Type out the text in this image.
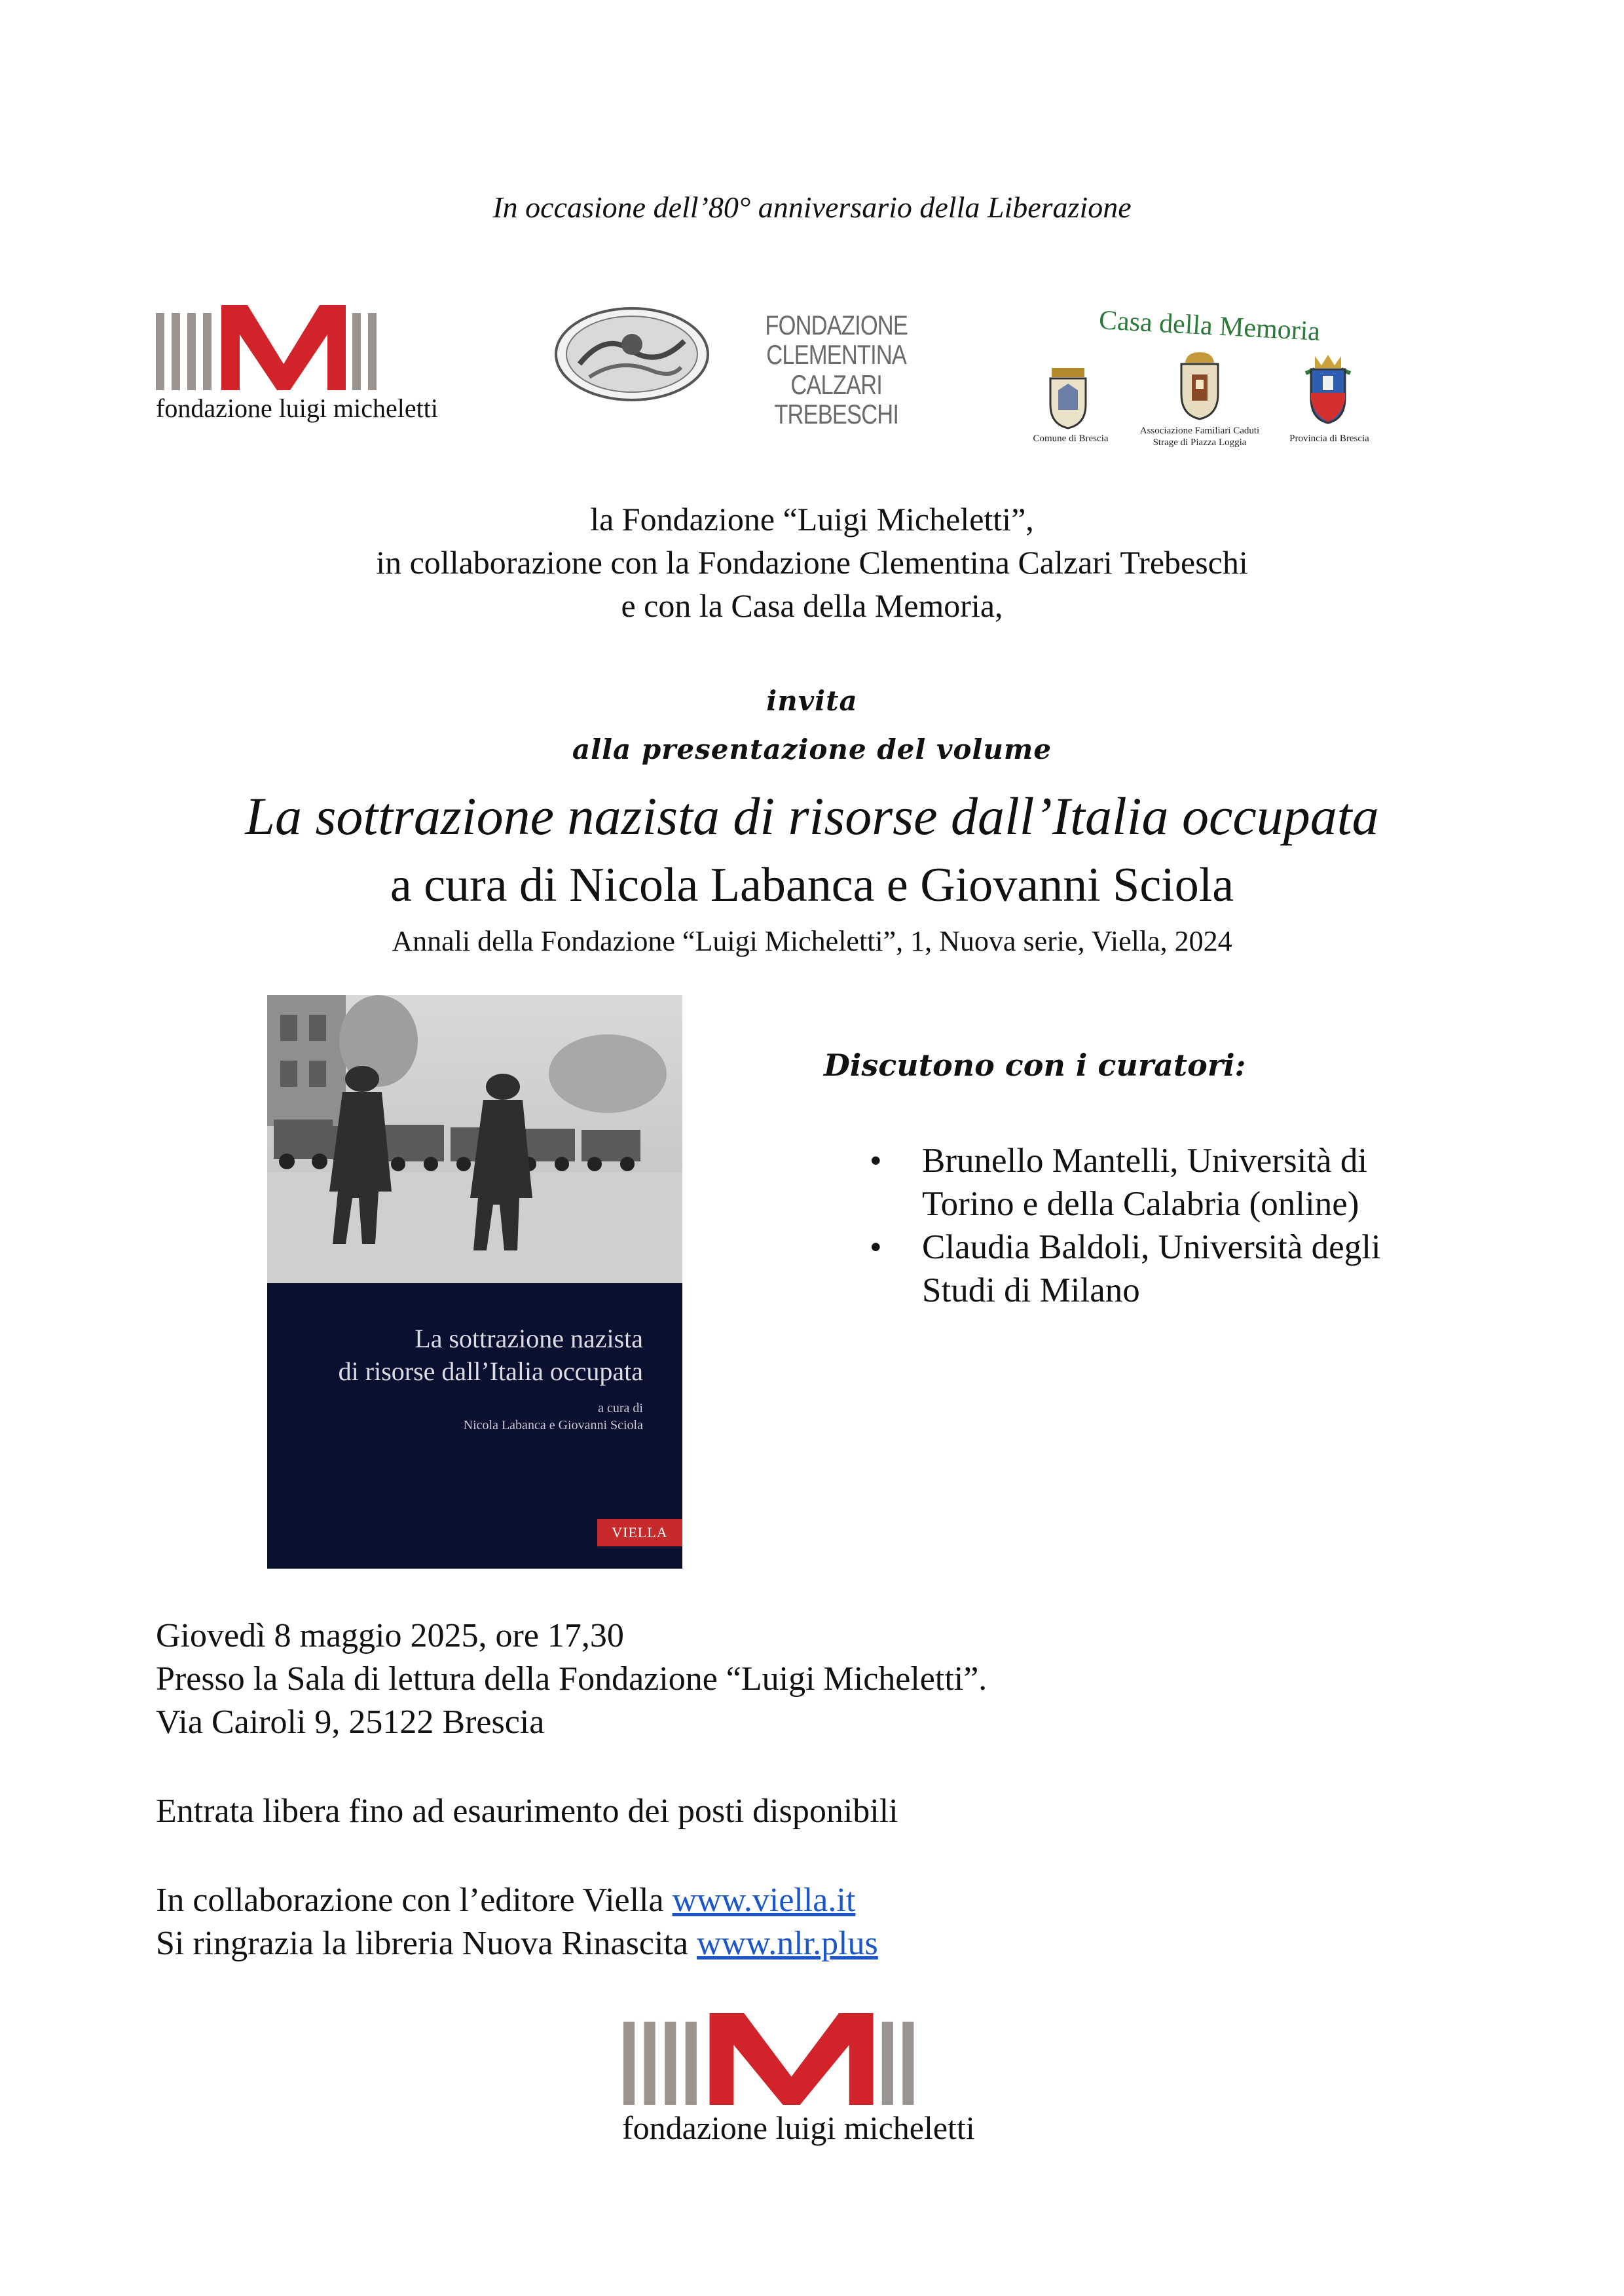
In occasione dell’80° anniversario della Liberazione
fondazione luigi micheletti
FONDAZIONE
CLEMENTINA CALZARI
TREBESCHI
Casa della Memoria
Comune di Brescia
Associazione Familiari Caduti
Strage di Piazza Loggia	Provincia di Brescia
la Fondazione “Luigi Micheletti”,
in collaborazione con la Fondazione Clementina Calzari Trebeschi
e con la Casa della Memoria,
invita
alla presentazione del volume
La sottrazione nazista di risorse dall’Italia occupata
a cura di Nicola Labanca e Giovanni Sciola
Annali della Fondazione “Luigi Micheletti”, 1, Nuova serie, Viella, 2024
La sottrazione nazista
di risorse dall’Italia occupata
a cura di
Nicola Labanca e Giovanni Sciola
VIELLA
Discutono con i curatori:
• Brunello Mantelli, Università di
Torino e della Calabria (online)
• Claudia Baldoli, Università degli
Studi di Milano
Giovedì 8 maggio 2025, ore 17,30
Presso la Sala di lettura della Fondazione “Luigi Micheletti”.
Via Cairoli 9, 25122 Brescia
Entrata libera fino ad esaurimento dei posti disponibili
In collaborazione con l’editore Viella www.viella.it
Si ringrazia la libreria Nuova Rinascita www.nlr.plus
fondazione luigi micheletti
